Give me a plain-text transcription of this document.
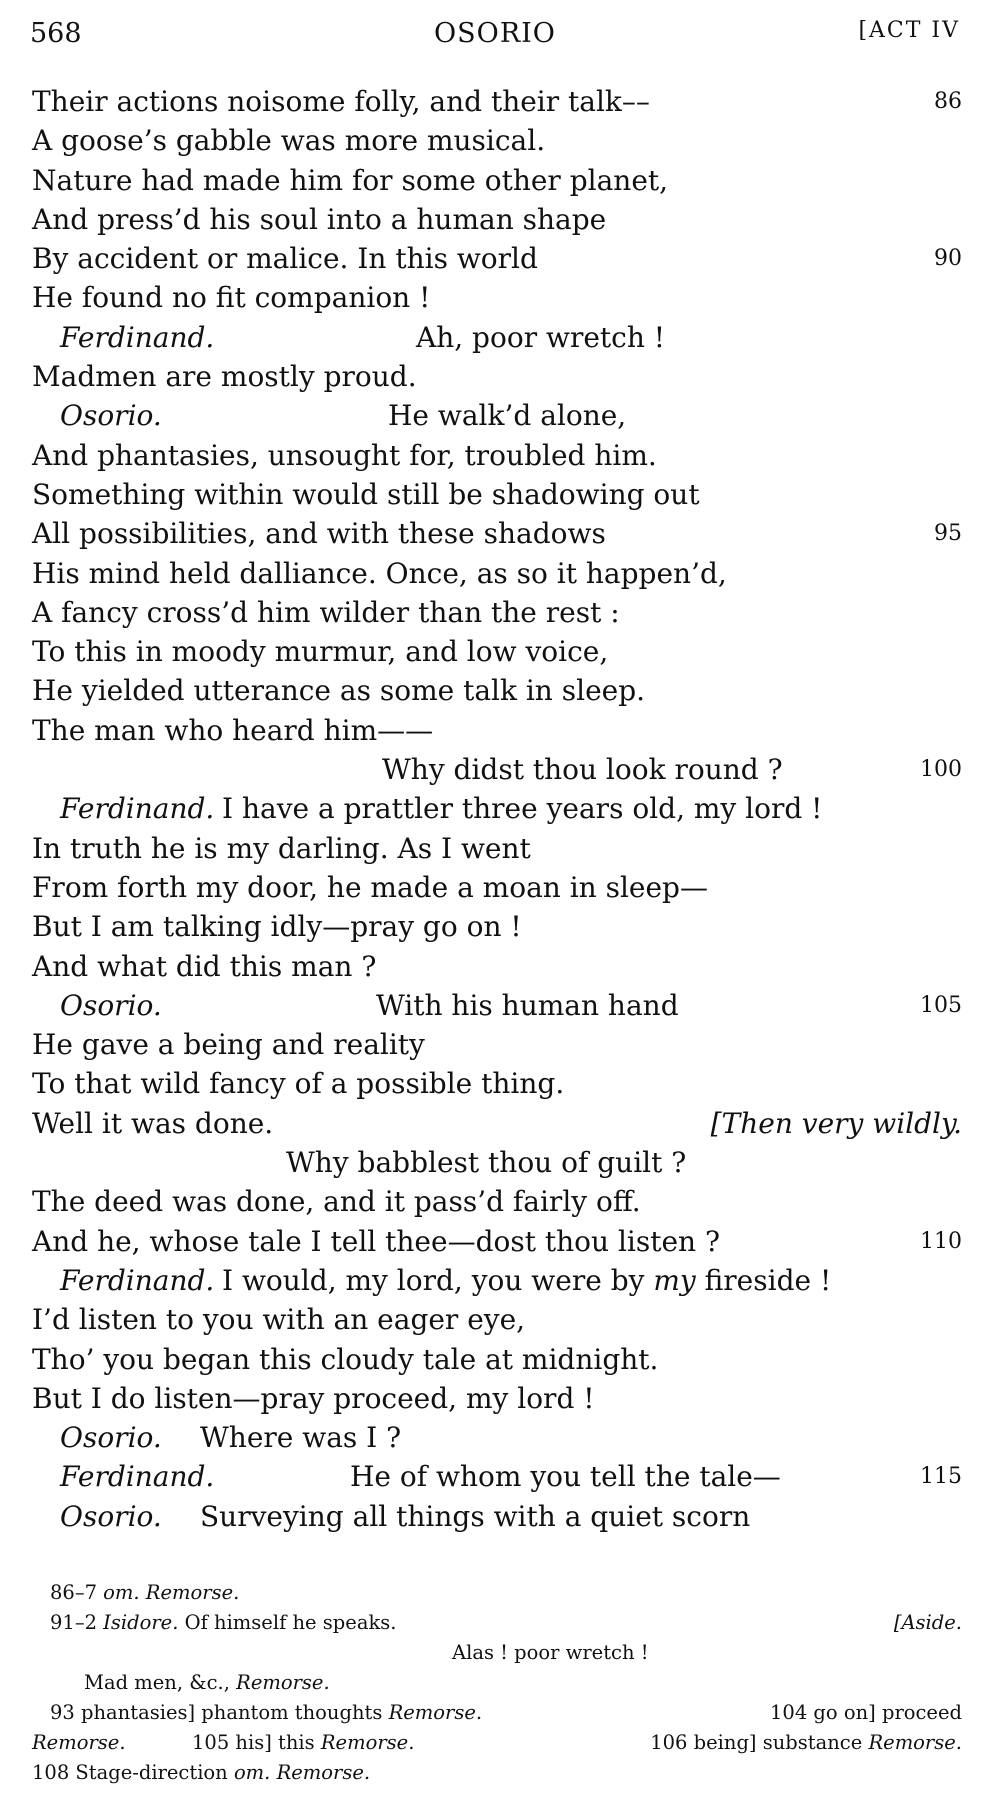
568	OSORIO	[ACT IV
Their actions noisome folly, and their talk––	86
A goose’s gabble was more musical.
Nature had made him for some other planet,
And press’d his soul into a human shape
By accident or malice. In this world	90
He found no fit companion !
Ferdinand.	Ah, poor wretch !
Madmen are mostly proud.
Osorio.	He walk’d alone,
And phantasies, unsought for, troubled him.
Something within would still be shadowing out
All possibilities, and with these shadows	95
His mind held dalliance. Once, as so it happen’d,
A fancy cross’d him wilder than the rest :
To this in moody murmur, and low voice,
He yielded utterance as some talk in sleep.
The man who heard him——
Why didst thou look round ?	100
Ferdinand. I have a prattler three years old, my lord !
In truth he is my darling. As I went
From forth my door, he made a moan in sleep—
But I am talking idly—pray go on !
And what did this man ?
Osorio.	With his human hand	105
He gave a being and reality
To that wild fancy of a possible thing.
Well it was done.	[Then very wildly.
Why babblest thou of guilt ?
The deed was done, and it pass’d fairly off.
And he, whose tale I tell thee—dost thou listen ?	110
Ferdinand. I would, my lord, you were by my fireside !
I’d listen to you with an eager eye,
Tho’ you began this cloudy tale at midnight.
But I do listen—pray proceed, my lord !
Osorio. Where was I ?
Ferdinand.	He of whom you tell the tale—	115
Osorio. Surveying all things with a quiet scorn
86–7 om. Remorse.
91–2 Isidore. Of himself he speaks.	[Aside.
Alas ! poor wretch !
Mad men, &c., Remorse.
93 phantasies] phantom thoughts Remorse.	104 go on] proceed
Remorse.	105 his] this Remorse.	106 being] substance Remorse.
108 Stage-direction om. Remorse.
